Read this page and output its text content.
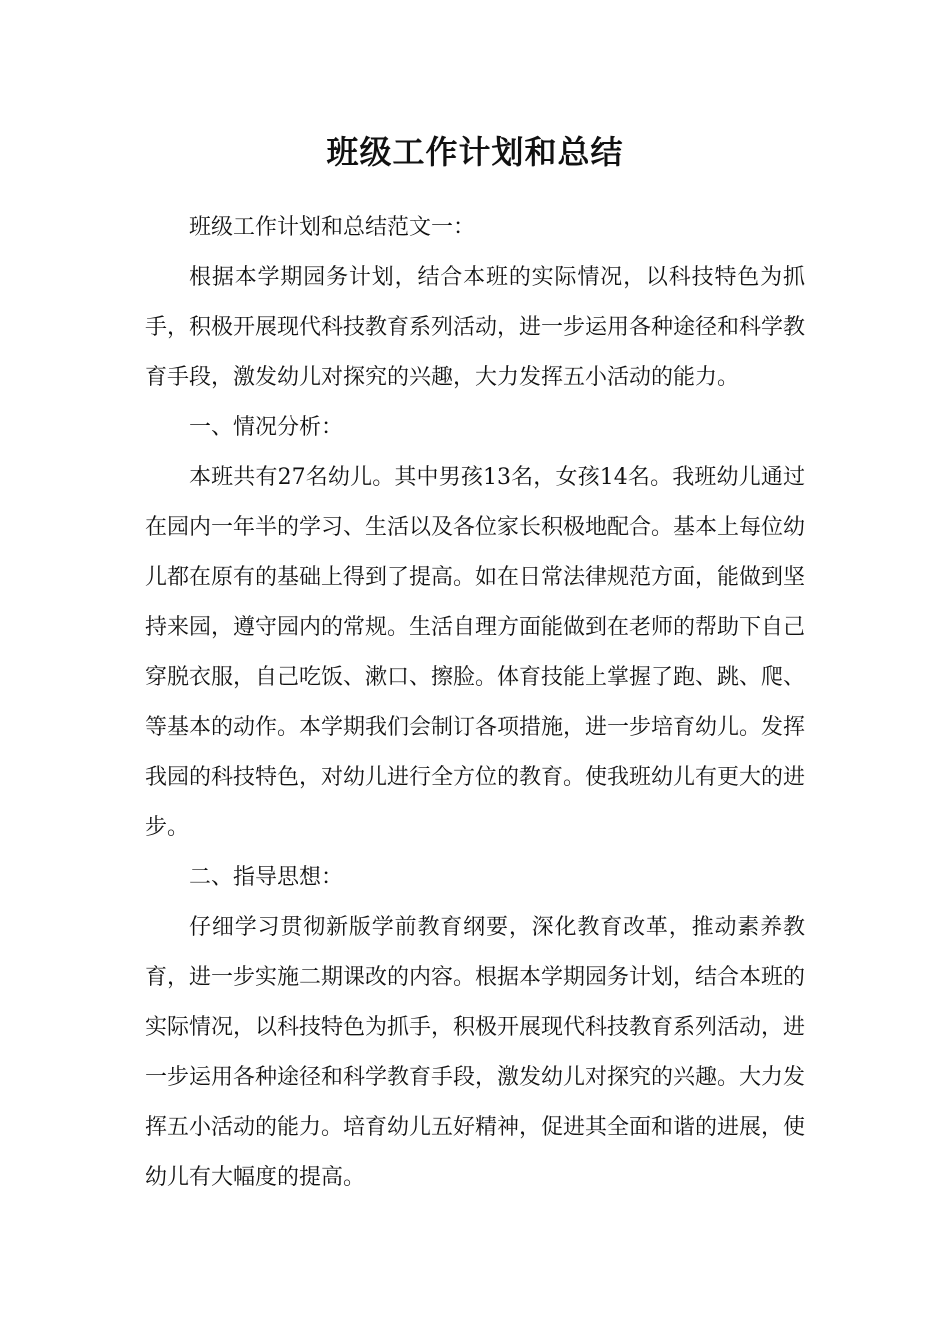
班级工作计划和总结

班级工作计划和总结范文一：

根据本学期园务计划，结合本班的实际情况，以科技特色为抓手，积极开展现代科技教育系列活动，进一步运用各种途径和科学教育手段，激发幼儿对探究的兴趣，大力发挥五小活动的能力。

一、情况分析：

本班共有27名幼儿。其中男孩13名，女孩14名。我班幼儿通过在园内一年半的学习、生活以及各位家长积极地配合。基本上每位幼儿都在原有的基础上得到了提高。如在日常法律规范方面，能做到坚持来园，遵守园内的常规。生活自理方面能做到在老师的帮助下自己穿脱衣服，自己吃饭、漱口、擦脸。体育技能上掌握了跑、跳、爬、等基本的动作。本学期我们会制订各项措施，进一步培育幼儿。发挥我园的科技特色，对幼儿进行全方位的教育。使我班幼儿有更大的进步。

二、指导思想：

仔细学习贯彻新版学前教育纲要，深化教育改革，推动素养教育，进一步实施二期课改的内容。根据本学期园务计划，结合本班的实际情况，以科技特色为抓手，积极开展现代科技教育系列活动，进一步运用各种途径和科学教育手段，激发幼儿对探究的兴趣。大力发挥五小活动的能力。培育幼儿五好精神，促进其全面和谐的进展，使幼儿有大幅度的提高。
